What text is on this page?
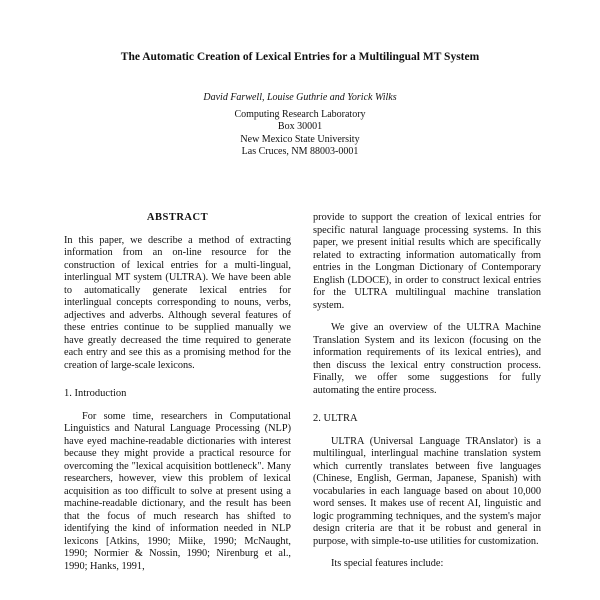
The Automatic Creation of Lexical Entries for a Multilingual MT System
David Farwell, Louise Guthrie and Yorick Wilks
Computing Research Laboratory
Box 30001
New Mexico State University
Las Cruces, NM 88003-0001
ABSTRACT

In this paper, we describe a method of extracting information from an on-line resource for the construction of lexical entries for a multi-lingual, interlingual MT system (ULTRA). We have been able to automatically generate lexical entries for interlingual concepts corresponding to nouns, verbs, adjectives and adverbs. Although several features of these entries continue to be supplied manually we have greatly decreased the time required to generate each entry and see this as a promising method for the creation of large-scale lexicons.

1. Introduction

For some time, researchers in Computational Linguistics and Natural Language Processing (NLP) have eyed machine-readable dictionaries with interest because they might provide a practical resource for overcoming the "lexical acquisition bottleneck". Many researchers, however, view this problem of lexical acquisition as too difficult to solve at present using a machine-readable dictionary, and the result has been that the focus of much research has shifted to identifying the kind of information needed in NLP lexicons [Atkins, 1990; Miike, 1990; McNaught, 1990; Normier & Nossin, 1990; Nirenburg et al., 1990; Hanks, 1991,

provide to support the creation of lexical entries for specific natural language processing systems. In this paper, we present initial results which are specifically related to extracting information automatically from entries in the Longman Dictionary of Contemporary English (LDOCE), in order to construct lexical entries for the ULTRA multilingual machine translation system.

We give an overview of the ULTRA Machine Translation System and its lexicon (focusing on the information requirements of its lexical entries), and then discuss the lexical entry construction process. Finally, we offer some suggestions for fully automating the entire process.

2. ULTRA

ULTRA (Universal Language TRAnslator) is a multilingual, interlingual machine translation system which currently translates between five languages (Chinese, English, German, Japanese, Spanish) with vocabularies in each language based on about 10,000 word senses. It makes use of recent AI, linguistic and logic programming techniques, and the system's major design criteria are that it be robust and general in purpose, with simple-to-use utilities for customization.

Its special features include:
